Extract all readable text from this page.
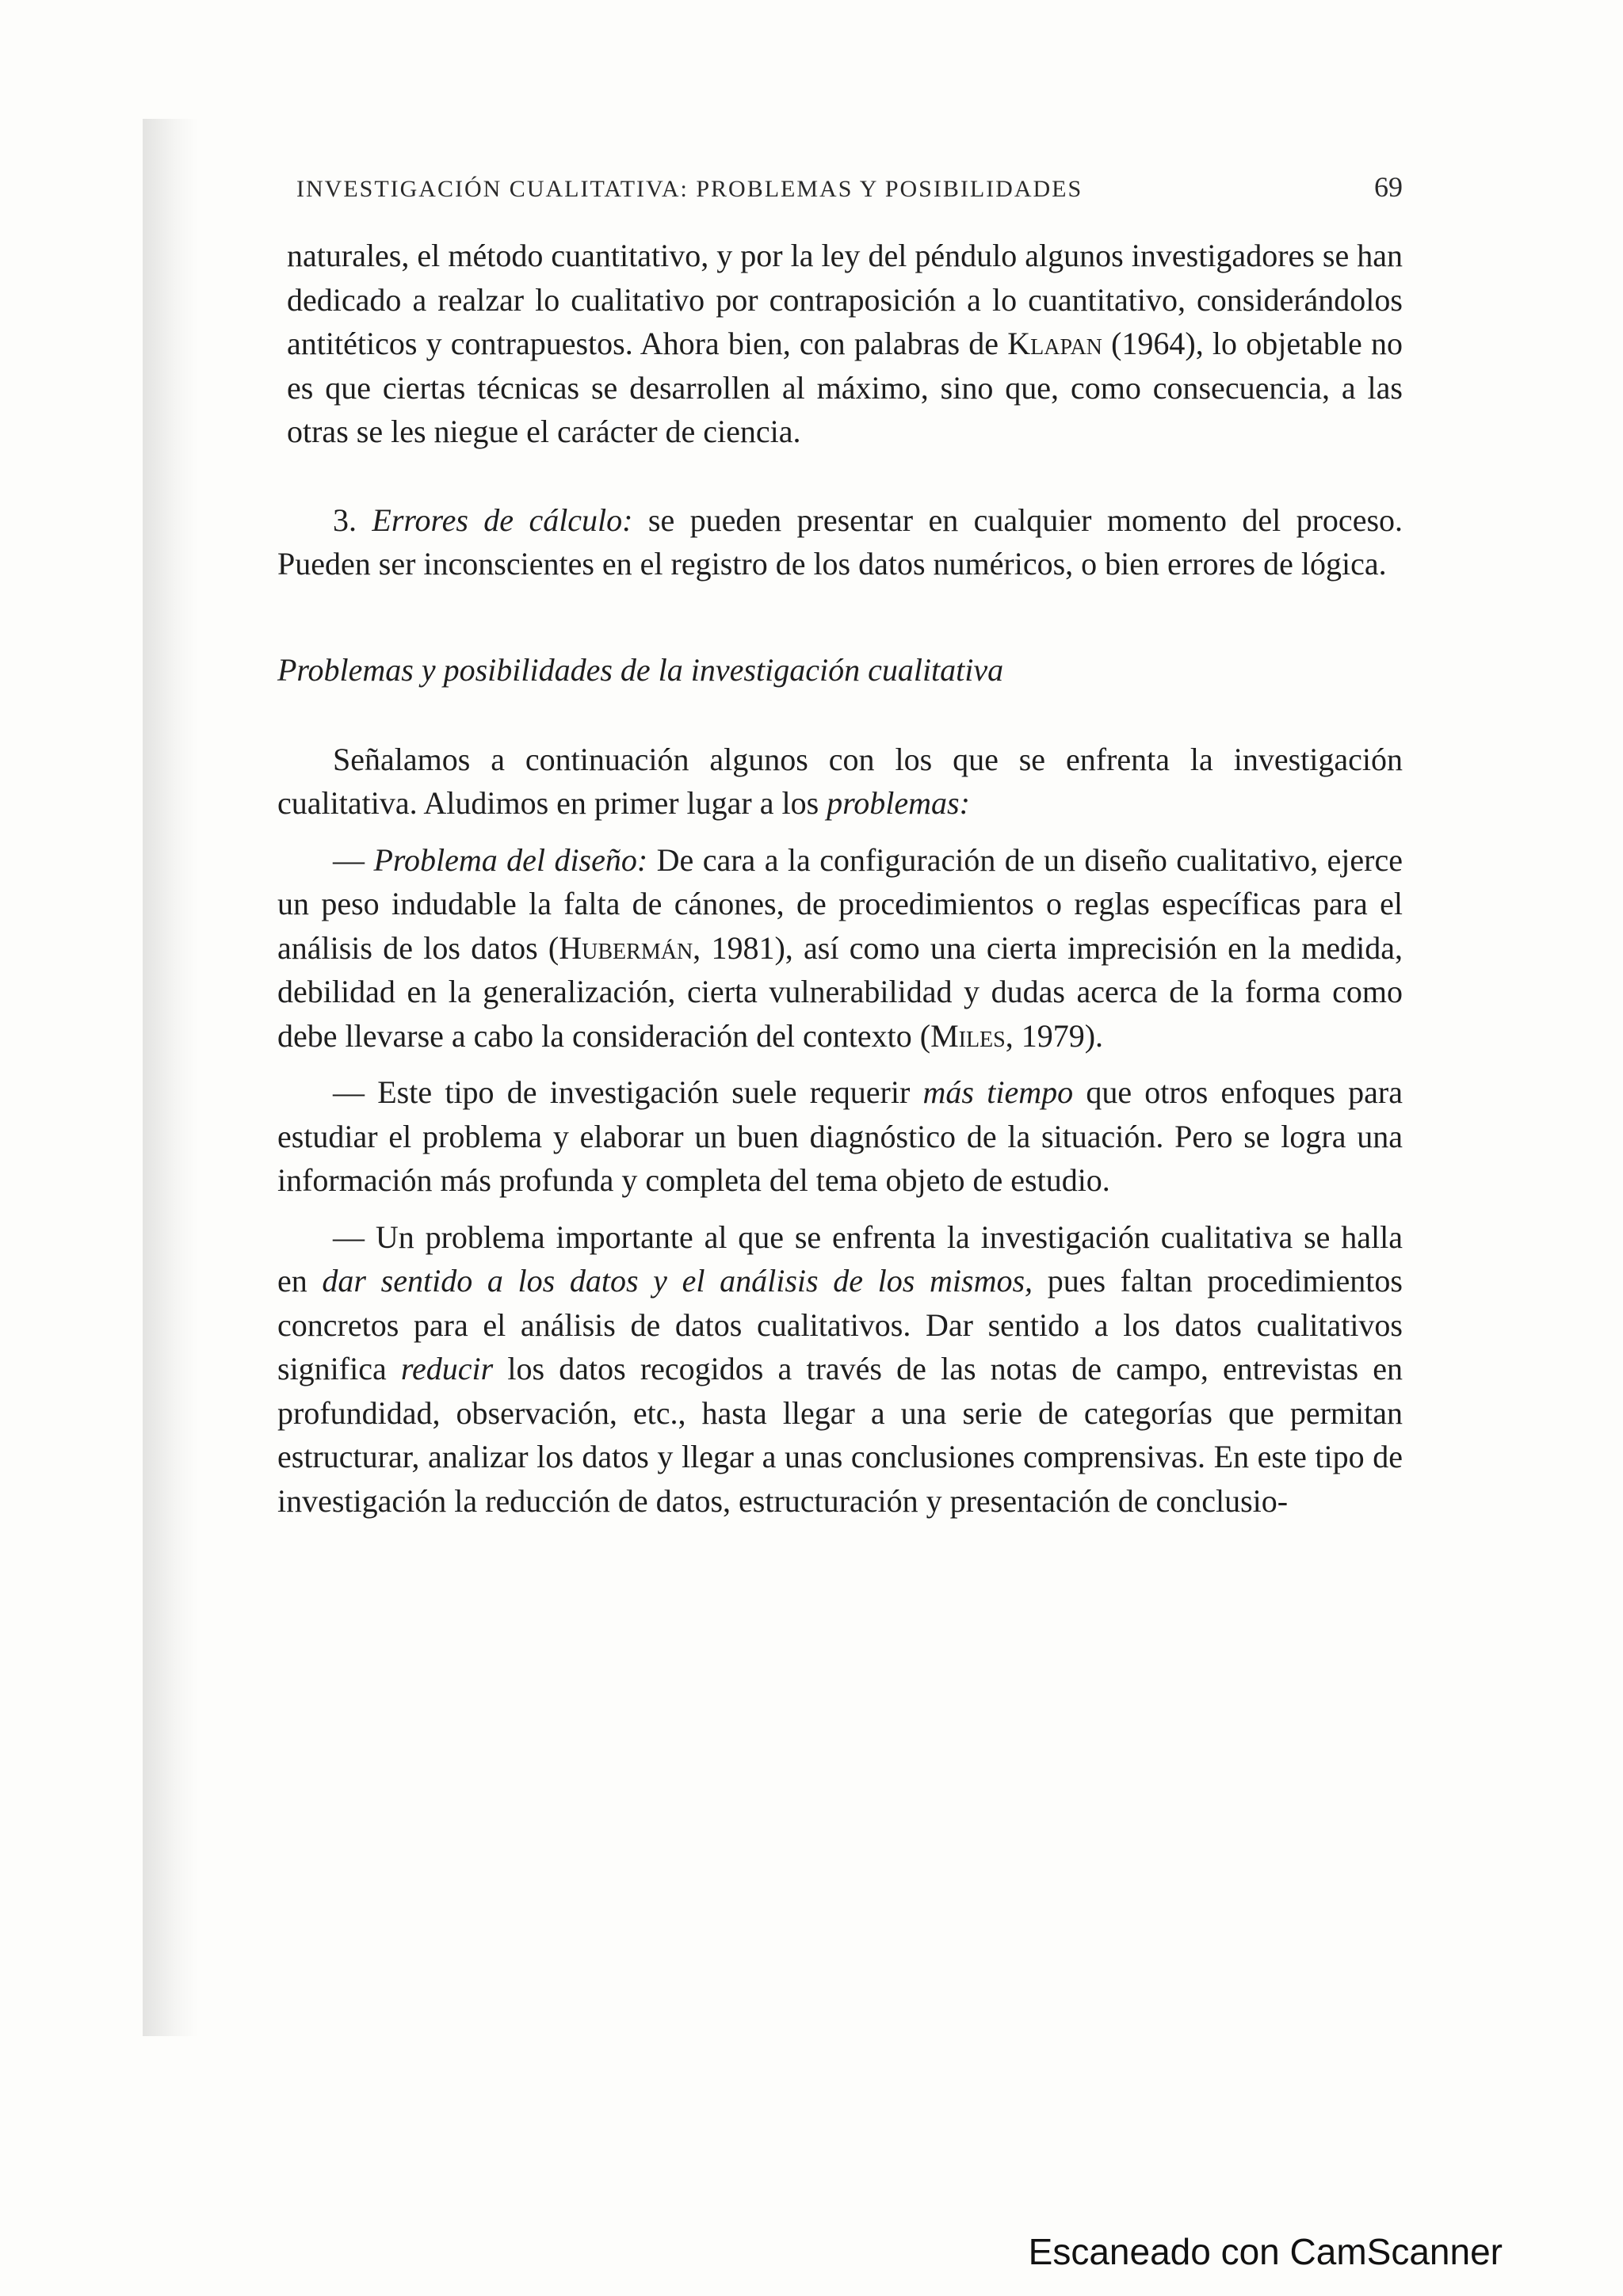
INVESTIGACIÓN CUALITATIVA: PROBLEMAS Y POSIBILIDADES	69

naturales, el método cuantitativo, y por la ley del péndulo algunos investigadores se han dedicado a realzar lo cualitativo por contraposición a lo cuantitativo, considerándolos antitéticos y contrapuestos. Ahora bien, con palabras de Klapan (1964), lo objetable no es que ciertas técnicas se desarrollen al máximo, sino que, como consecuencia, a las otras se les niegue el carácter de ciencia.

3. Errores de cálculo: se pueden presentar en cualquier momento del proceso. Pueden ser inconscientes en el registro de los datos numéricos, o bien errores de lógica.

Problemas y posibilidades de la investigación cualitativa

Señalamos a continuación algunos con los que se enfrenta la investigación cualitativa. Aludimos en primer lugar a los problemas:

— Problema del diseño: De cara a la configuración de un diseño cualitativo, ejerce un peso indudable la falta de cánones, de procedimientos o reglas específicas para el análisis de los datos (Hubermán, 1981), así como una cierta imprecisión en la medida, debilidad en la generalización, cierta vulnerabilidad y dudas acerca de la forma como debe llevarse a cabo la consideración del contexto (Miles, 1979).

— Este tipo de investigación suele requerir más tiempo que otros enfoques para estudiar el problema y elaborar un buen diagnóstico de la situación. Pero se logra una información más profunda y completa del tema objeto de estudio.

— Un problema importante al que se enfrenta la investigación cualitativa se halla en dar sentido a los datos y el análisis de los mismos, pues faltan procedimientos concretos para el análisis de datos cualitativos. Dar sentido a los datos cualitativos significa reducir los datos recogidos a través de las notas de campo, entrevistas en profundidad, observación, etc., hasta llegar a una serie de categorías que permitan estructurar, analizar los datos y llegar a unas conclusiones comprensivas. En este tipo de investigación la reducción de datos, estructuración y presentación de conclusio-

Escaneado con CamScanner
